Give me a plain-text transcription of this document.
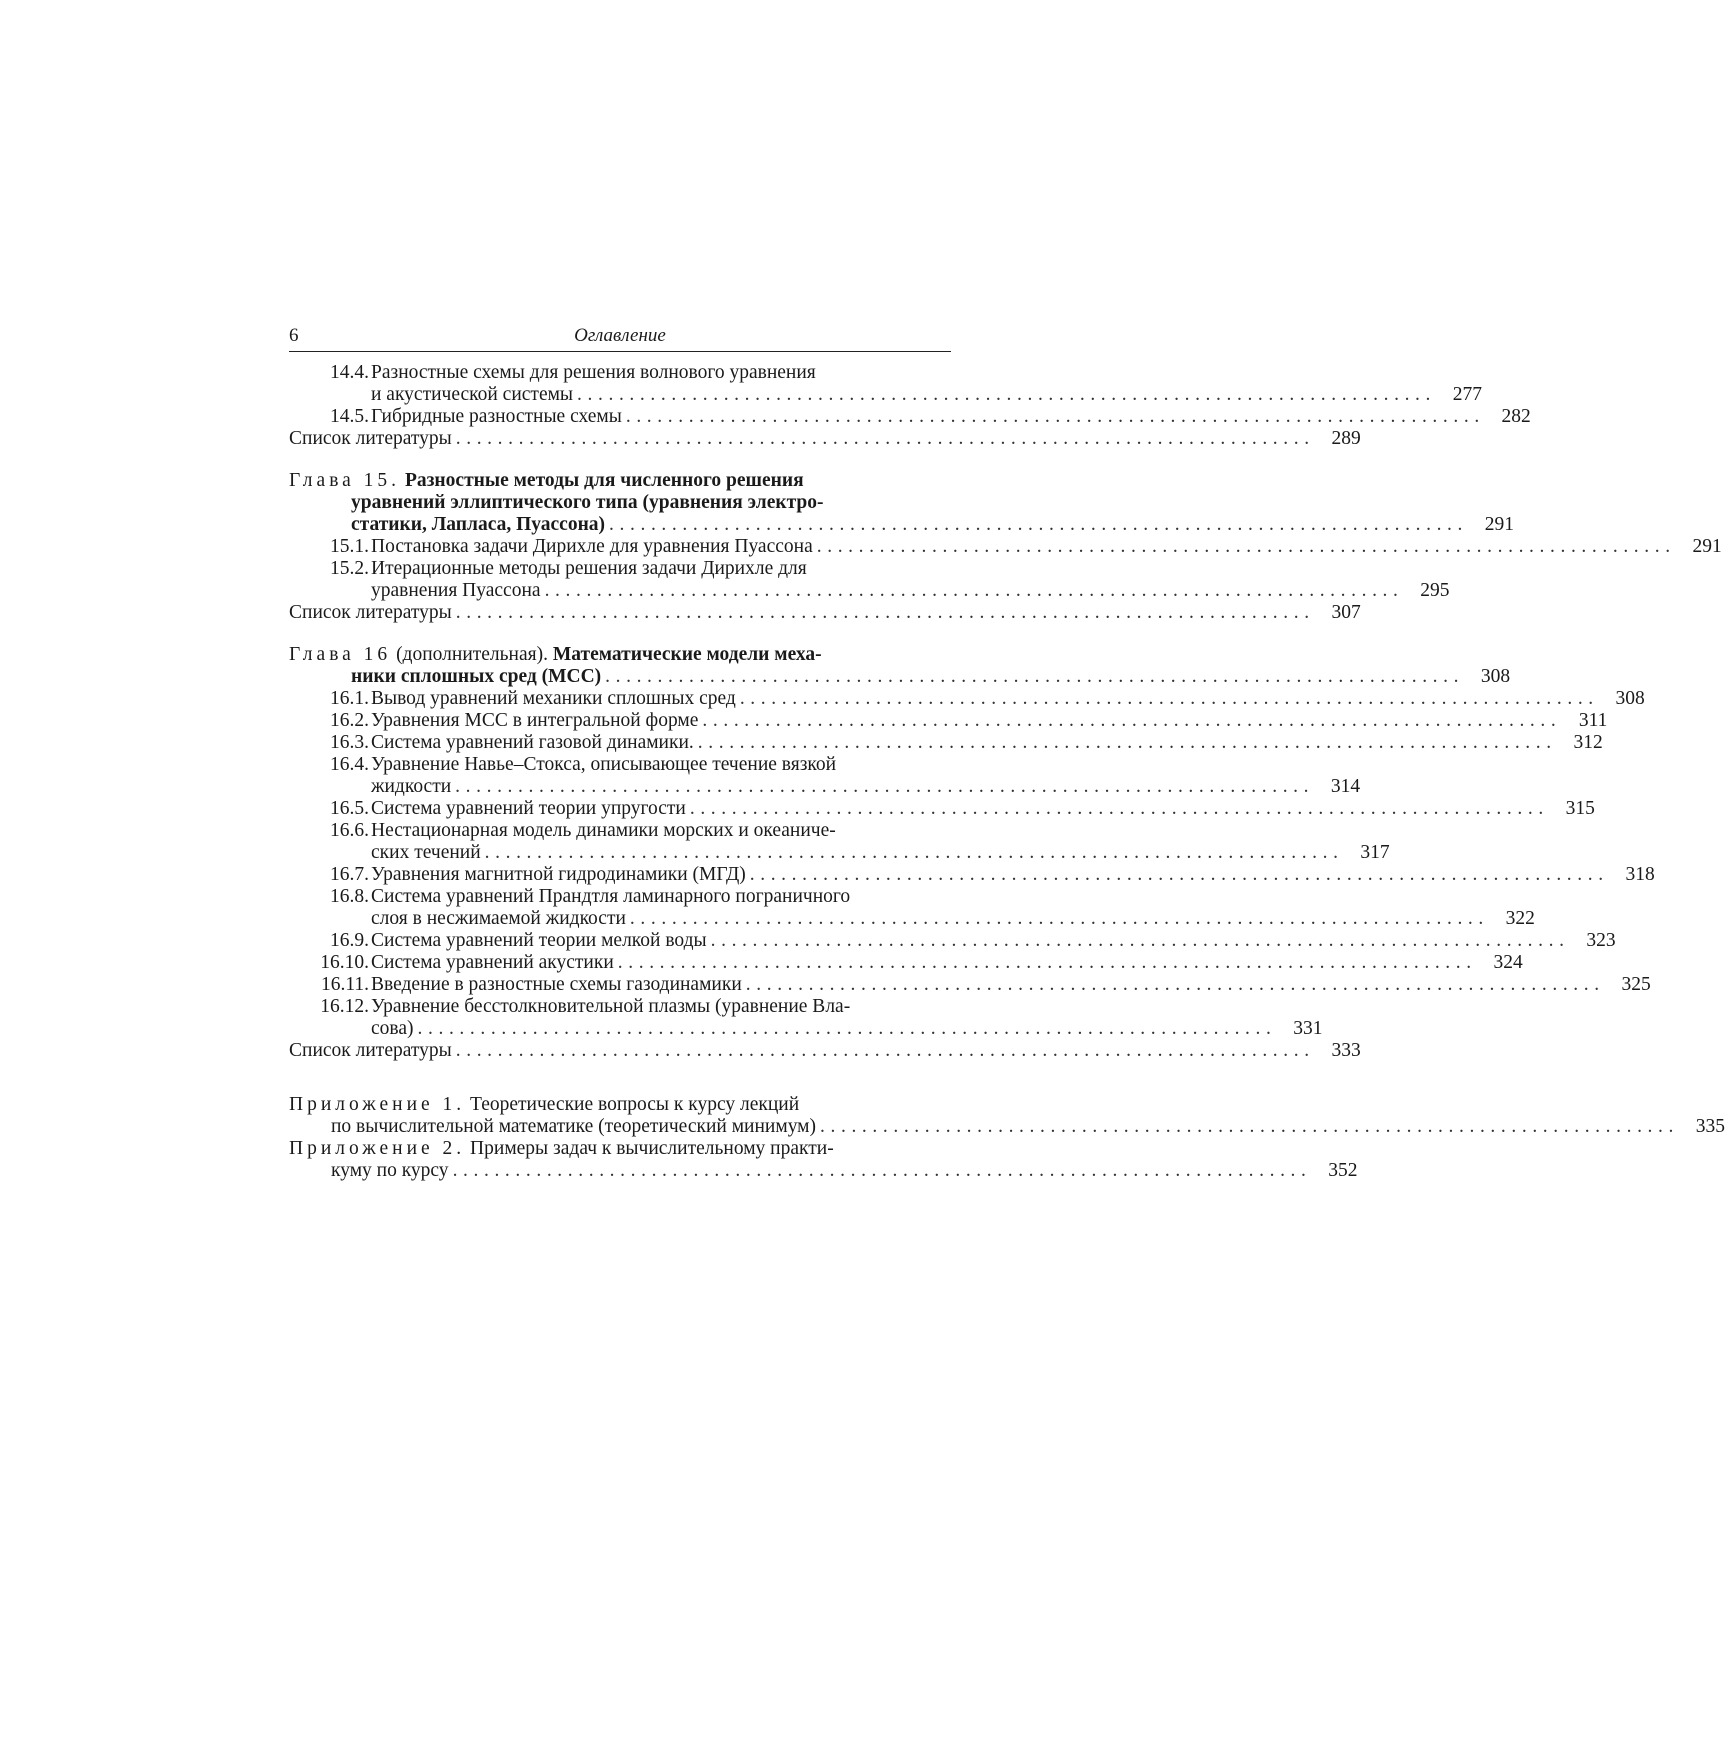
6	Оглавление
14.4. Разностные схемы для решения волнового уравнения
и акустической системы .................................................................................. 277
14.5. Гибридные разностные схемы .................................................................................. 282
Список литературы .................................................................................. 289
Глава 15. Разностные методы для численного решения
уравнений эллиптического типа (уравнения электро-
статики, Лапласа, Пуассона) .................................................................................. 291
15.1. Постановка задачи Дирихле для уравнения Пуассона .................................................................................. 291
15.2. Итерационные методы решения задачи Дирихле для
уравнения Пуассона .................................................................................. 295
Список литературы .................................................................................. 307
Глава 16 (дополнительная). Математические модели меха-
ники сплошных сред (МСС) .................................................................................. 308
16.1. Вывод уравнений механики сплошных сред .................................................................................. 308
16.2. Уравнения МСС в интегральной форме .................................................................................. 311
16.3. Система уравнений газовой динамики. .................................................................................. 312
16.4. Уравнение Навье–Стокса, описывающее течение вязкой
жидкости .................................................................................. 314
16.5. Система уравнений теории упругости .................................................................................. 315
16.6. Нестационарная модель динамики морских и океаниче-
ских течений .................................................................................. 317
16.7. Уравнения магнитной гидродинамики (МГД) .................................................................................. 318
16.8. Система уравнений Прандтля ламинарного пограничного
слоя в несжимаемой жидкости .................................................................................. 322
16.9. Система уравнений теории мелкой воды .................................................................................. 323
16.10. Система уравнений акустики .................................................................................. 324
16.11. Введение в разностные схемы газодинамики .................................................................................. 325
16.12. Уравнение бесстолкновительной плазмы (уравнение Вла-
сова) .................................................................................. 331
Список литературы .................................................................................. 333
Приложение 1. Теоретические вопросы к курсу лекций
по вычислительной математике (теоретический минимум) .................................................................................. 335
Приложение 2. Примеры задач к вычислительному практи-
куму по курсу .................................................................................. 352
